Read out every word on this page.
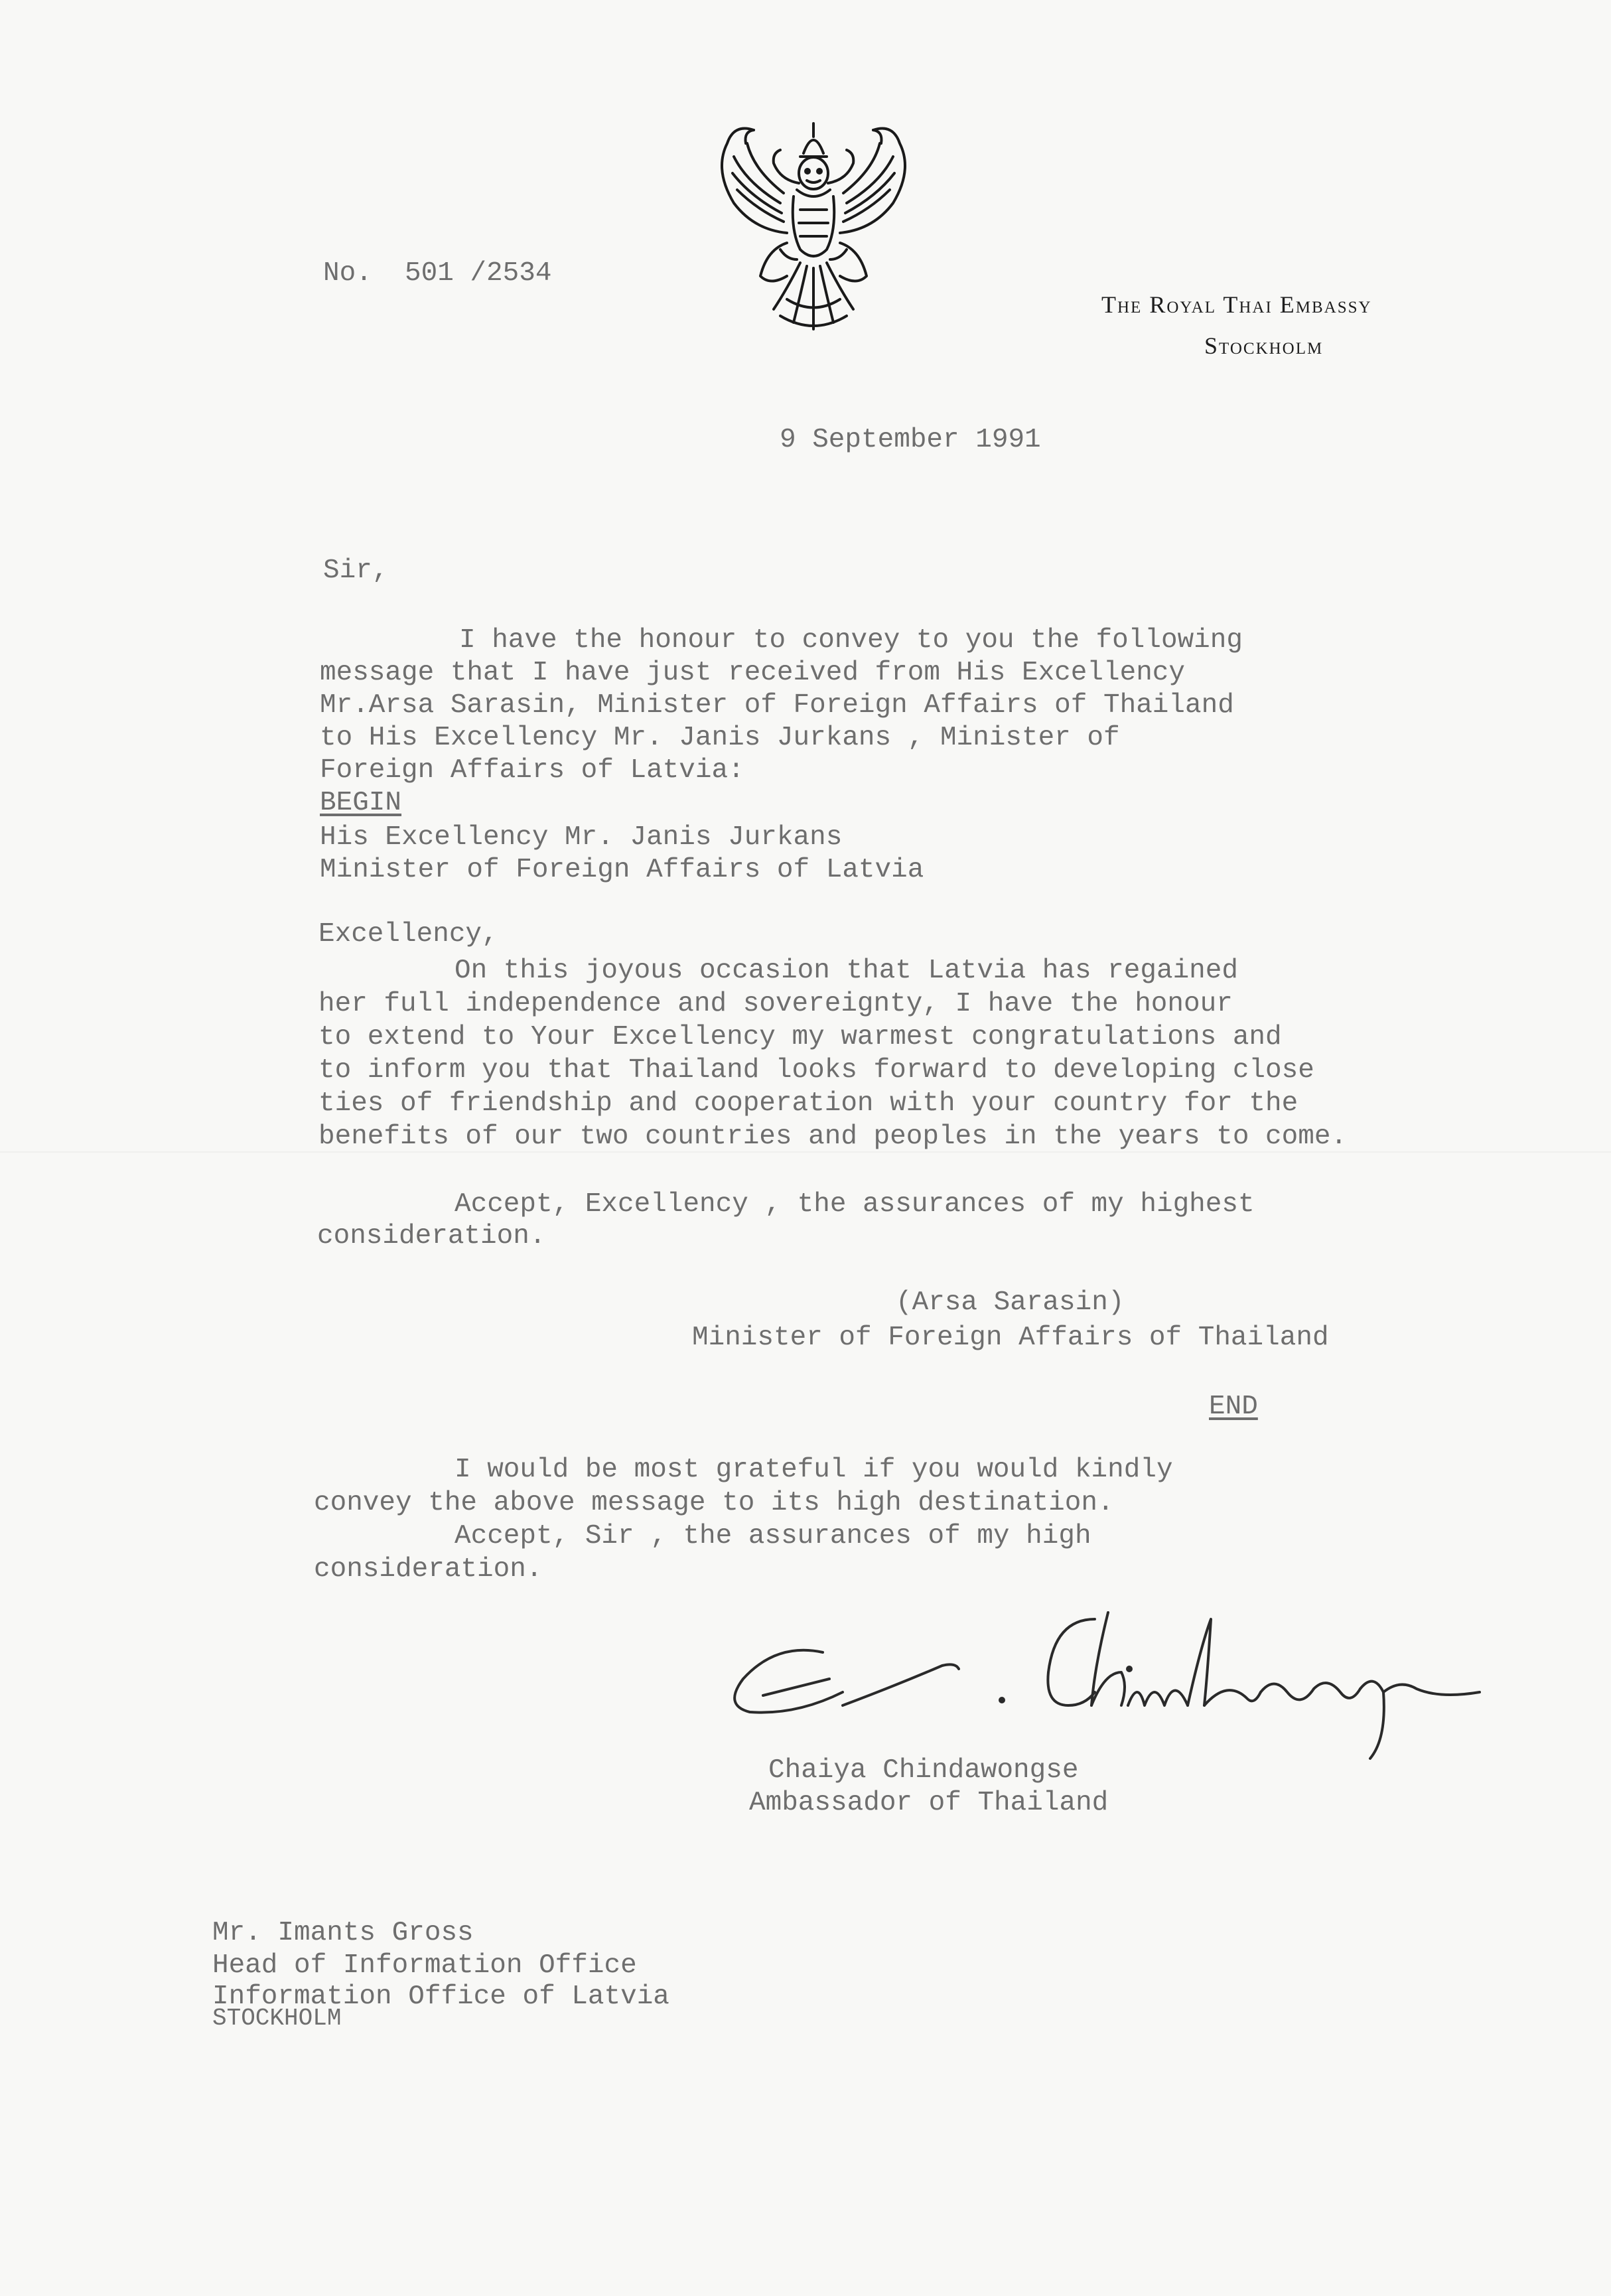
No.  501 /2534
The Royal Thai Embassy
Stockholm
9 September 1991
Sir,
I have the honour to convey to you the following
message that I have just received from His Excellency
Mr.Arsa Sarasin, Minister of Foreign Affairs of Thailand
to His Excellency Mr. Janis Jurkans , Minister of
Foreign Affairs of Latvia:
BEGIN
His Excellency Mr. Janis Jurkans
Minister of Foreign Affairs of Latvia
Excellency,
On this joyous occasion that Latvia has regained
her full independence and sovereignty, I have the honour
to extend to Your Excellency my warmest congratulations and
to inform you that Thailand looks forward to developing close
ties of friendship and cooperation with your country for the
benefits of our two countries and peoples in the years to come.
Accept, Excellency , the assurances of my highest
consideration.
(Arsa Sarasin)
Minister of Foreign Affairs of Thailand
END
I would be most grateful if you would kindly
convey the above message to its high destination.
Accept, Sir , the assurances of my high
consideration.
Chaiya Chindawongse
Ambassador of Thailand
Mr. Imants Gross
Head of Information Office
Information Office of Latvia
STOCKHOLM
